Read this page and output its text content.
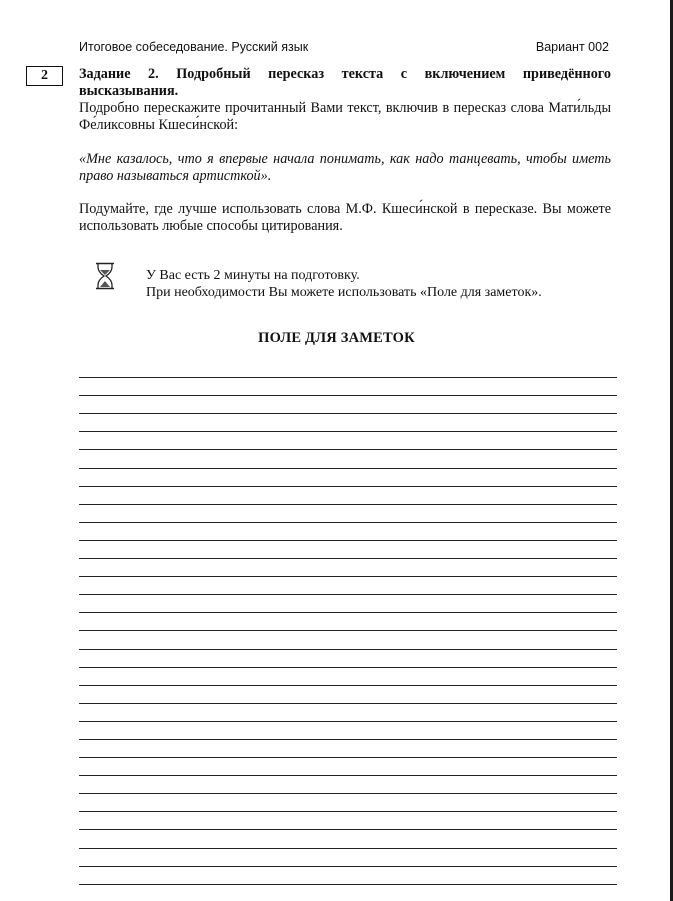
Итоговое собеседование. Русский язык	Вариант 002
2 Задание 2. Подробный пересказ текста с включением приведённого высказывания.

Подробно перескажите прочитанный Вами текст, включив в пересказ слова Мати́льды Фе́ликсовны Кшеси́нской:

«Мне казалось, что я впервые начала понимать, как надо танцевать, чтобы иметь право называться артисткой».

Подумайте, где лучше использовать слова М.Ф. Кшеси́нской в пересказе. Вы можете использовать любые способы цитирования.

У Вас есть 2 минуты на подготовку.
При необходимости Вы можете использовать «Поле для заметок».
ПОЛЕ ДЛЯ ЗАМЕТОК
